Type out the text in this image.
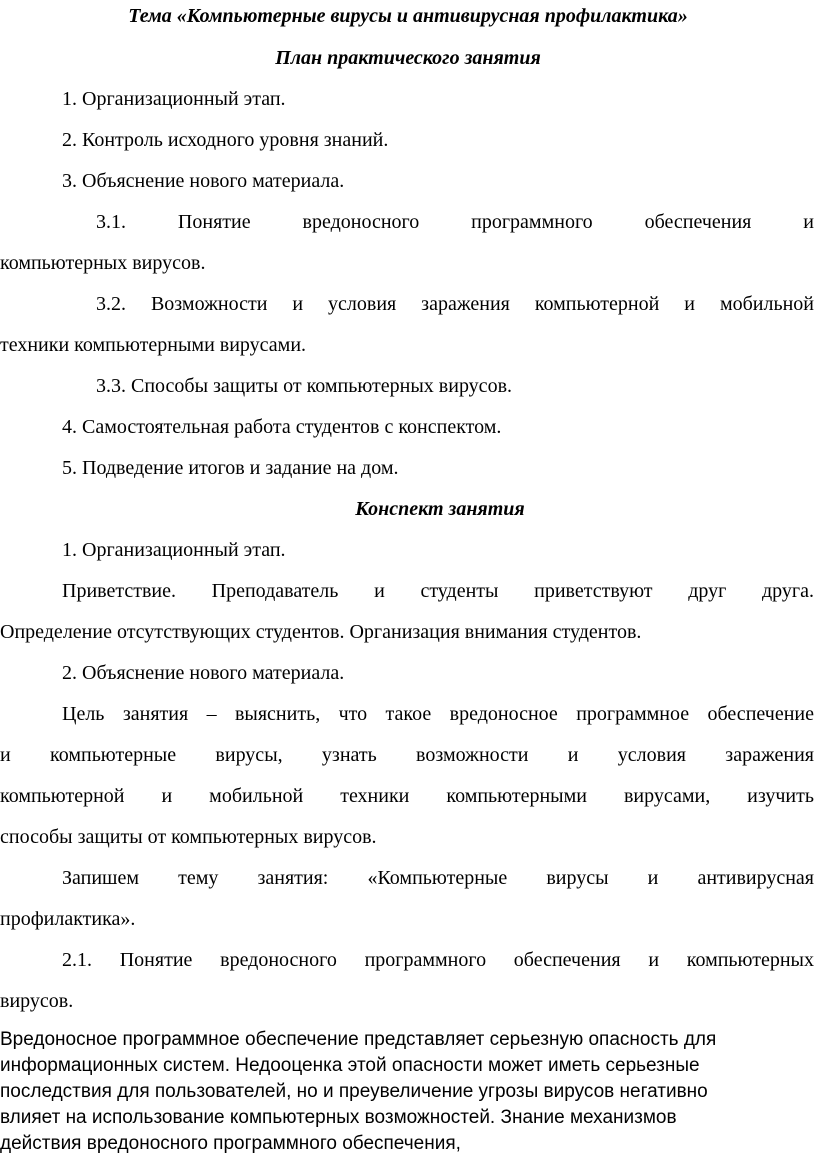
Тема «Компьютерные вирусы и антивирусная профилактика»
План практического занятия
1. Организационный этап.
2. Контроль исходного уровня знаний.
3. Объяснение нового материала.
3.1. Понятие вредоносного программного обеспечения и
компьютерных вирусов.
3.2. Возможности и условия заражения компьютерной и мобильной
техники компьютерными вирусами.
3.3. Способы защиты от компьютерных вирусов.
4. Самостоятельная работа студентов с конспектом.
5. Подведение итогов и задание на дом.
Конспект занятия
1. Организационный этап.
Приветствие. Преподаватель и студенты приветствуют друг друга.
Определение отсутствующих студентов. Организация внимания студентов.
2. Объяснение нового материала.
Цель занятия – выяснить, что такое вредоносное программное обеспечение
и компьютерные вирусы, узнать возможности и условия заражения
компьютерной и мобильной техники компьютерными вирусами, изучить
способы защиты от компьютерных вирусов.
Запишем тему занятия: «Компьютерные вирусы и антивирусная
профилактика».
2.1. Понятие вредоносного программного обеспечения и компьютерных
вирусов.
Вредоносное программное обеспечение представляет серьезную опасность для
информационных систем. Недооценка этой опасности может иметь серьезные
последствия для пользователей, но и преувеличение угрозы вирусов негативно
влияет на использование компьютерных возможностей. Знание механизмов
действия вредоносного программного обеспечения,
